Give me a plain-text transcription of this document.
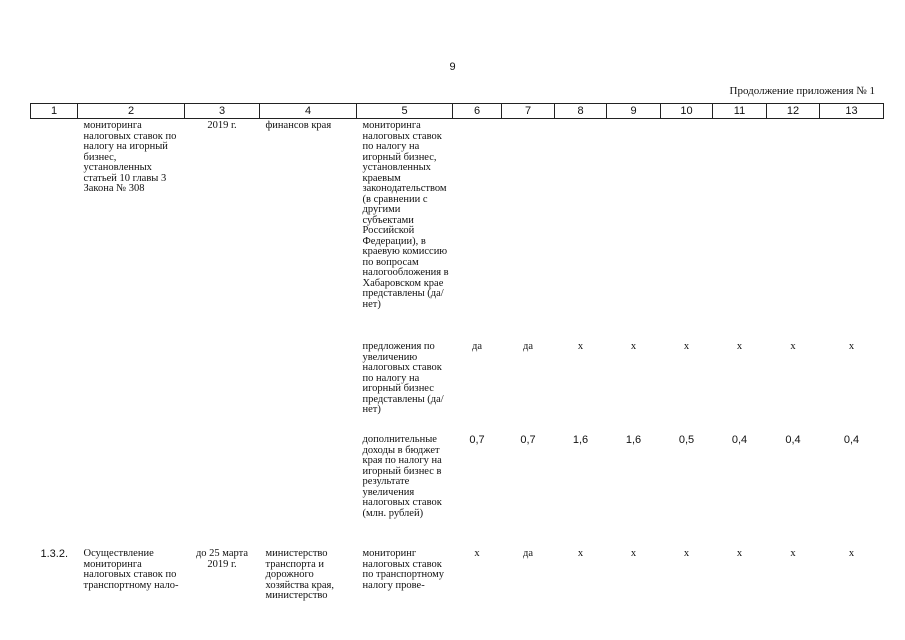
9
Продолжение приложения № 1
1	2	3	4	5	6	7	8	9	10	11	12	13
	мониторинга налоговых ставок по налогу на игорный бизнес, установленных статьей 10 главы 3 Закона № 308	2019 г.	финансов края	мониторинга налоговых ставок по налогу на игорный бизнес, установленных краевым законодательством (в сравнении с другими субъектами Российской Федерации), в краевую комиссию по вопросам налогообложения в Хабаровском крае представлены (да/нет)								
				предложения по увеличению налоговых ставок по налогу на игорный бизнес представлены (да/нет)	да	да	х	х	х	х	х	х
				дополнительные доходы в бюджет края по налогу на игорный бизнес в результате увеличения налоговых ставок (млн. рублей)	0,7	0,7	1,6	1,6	0,5	0,4	0,4	0,4
1.3.2.	Осуществление мониторинга налоговых ставок по транспортному нало-	до 25 марта 2019 г.	министерство транспорта и дорожного хозяйства края, министерство	мониторинг налоговых ставок по транспортному налогу прове-	х	да	х	х	х	х	х	х
